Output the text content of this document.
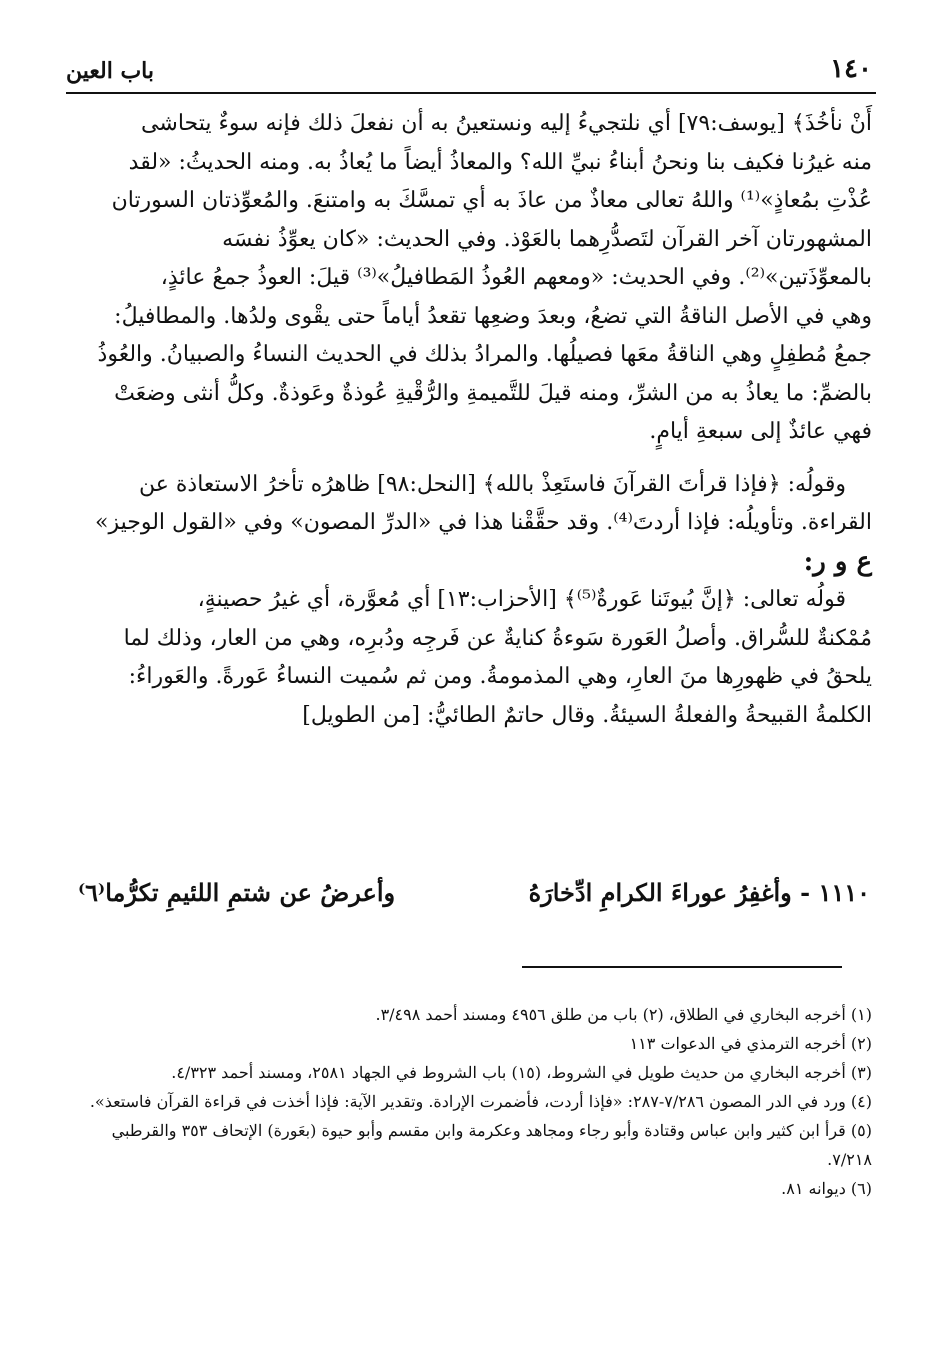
١٤٠
باب العين

أَنْ نأخُذَ﴾ [يوسف:٧٩] أي نلتجيءُ إليه ونستعينُ به أن نفعلَ ذلك فإنه سوءٌ يتحاشى

منه غيرُنا فكيف بنا ونحنُ أبناءُ نبيِّ الله؟ والمعاذُ أيضاً ما يُعاذُ به. ومنه الحديثُ: «لقد

عُذْتِ بمُعاذٍ»⁽¹⁾ واللهُ تعالى معاذٌ من عاذَ به أي تمسَّكَ به وامتنعَ. والمُعوِّذتان السورتان

المشهورتان آخر القرآن لتَصدُّرِهما بالعَوْذ. وفي الحديث: «كان يعوِّذُ نفسَه

بالمعوِّذَتين»⁽²⁾. وفي الحديث: «ومعهم العُوذُ المَطافيلُ»⁽³⁾ قيلَ: العوذُ جمعُ عائذٍ،

وهي في الأصل الناقةُ التي تضعُ، وبعدَ وضعِها تقعدُ أياماً حتى يقْوى ولدُها. والمطافيلُ:

جمعُ مُطفِلٍ وهي الناقةُ معَها فصيلُها. والمرادُ بذلك في الحديث النساءُ والصبيانُ. والعُوذُ

بالضمِّ: ما يعاذُ به من الشرِّ، ومنه قيلَ للتَّميمةِ والرُّقْيةِ عُوذةٌ وعَوذةٌ. وكلُّ أنثى وضعَتْ

فهي عائذٌ إلى سبعةِ أيامٍ.

وقولُه: ﴿فإذا قرأتَ القرآنَ فاستَعِذْ بالله﴾ [النحل:٩٨] ظاهرُه تأخرُ الاستعاذة عن

القراءة. وتأويلُه: فإذا أردتَ⁽⁴⁾. وقد حقَّقْنا هذا في «الدرِّ المصون» وفي «القول الوجيز»

ع و ر:

قولُه تعالى: ﴿إنَّ بُيوتَنا عَورةٌ⁽⁵⁾﴾ [الأحزاب:١٣] أي مُعوَّرة، أي غيرُ حصينةٍ،

مُمْكنةٌ للسُّراق. وأصلُ العَورة سَوءةُ كنايةٌ عن فَرجِه ودُبرِه، وهي من العار، وذلك لما

يلحقُ في ظهورِها منَ العارِ، وهي المذمومةُ. ومن ثم سُميت النساءُ عَورةً. والعَوراءُ:

الكلمةُ القبيحةُ والفعلةُ السيئةُ. وقال حاتمٌ الطائيُّ: [من الطويل]

١١١٠ - وأغفِرُ عوراءَ الكرامِ ادِّخارَهُ
وأعرضُ عن شتمِ اللئيمِ تكرُّما⁽٦⁾

(١) أخرجه البخاري في الطلاق، (٢) باب من طلق ٤٩٥٦ ومسند أحمد ٣/٤٩٨.

(٢) أخرجه الترمذي في الدعوات ١١٣

(٣) أخرجه البخاري من حديث طويل في الشروط، (١٥) باب الشروط في الجهاد ٢٥٨١، ومسند أحمد ٤/٣٢٣.

(٤) ورد في الدر المصون ٧/٢٨٦-٢٨٧: «فإذا أردت، فأضمرت الإرادة. وتقدير الآية: فإذا أخذت في قراءة القرآن فاستعذ».

(٥) قرأ ابن كثير وابن عباس وقتادة وأبو رجاء ومجاهد وعكرمة وابن مقسم وأبو حيوة (بعَورة) الإتحاف ٣٥٣ والقرطبي ٧/٢١٨.

(٦) ديوانه ٨١.
